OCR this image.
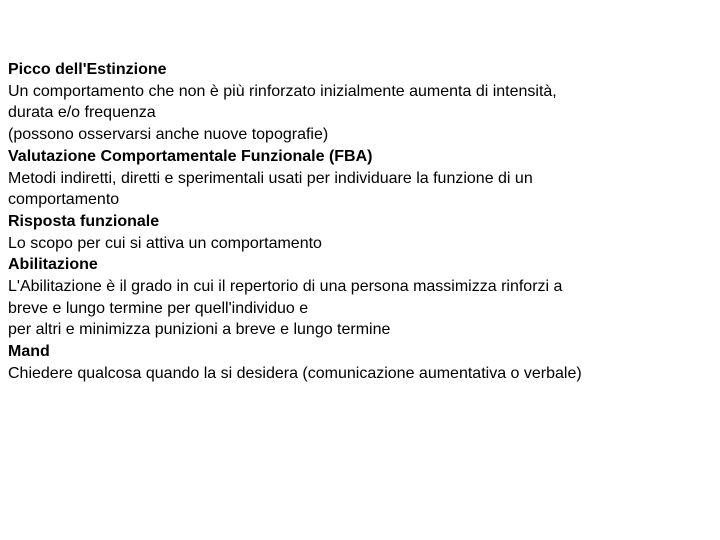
Picco dell'Estinzione
Un comportamento che non è più rinforzato inizialmente aumenta di intensità,
durata e/o frequenza
(possono osservarsi anche nuove topografie)
Valutazione Comportamentale Funzionale (FBA)
Metodi indiretti, diretti e sperimentali usati per individuare la funzione di un
comportamento
Risposta funzionale
Lo scopo per cui si attiva un comportamento
Abilitazione
L'Abilitazione è il grado in cui il repertorio di una persona massimizza rinforzi a
breve e lungo termine per quell'individuo e
per altri e minimizza punizioni a breve e lungo termine
Mand
Chiedere qualcosa quando la si desidera (comunicazione aumentativa o verbale)
